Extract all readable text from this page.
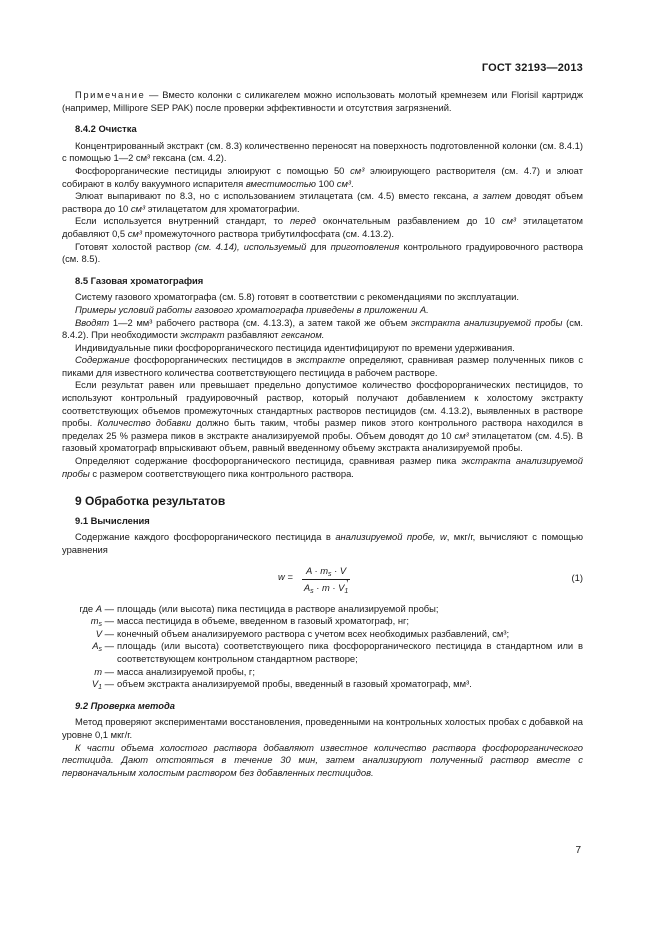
ГОСТ 32193—2013

Примечание — Вместо колонки с силикагелем можно использовать молотый кремнезем или Florisil картридж (например, Millipore SEP PAK) после проверки эффективности и отсутствия загрязнений.

8.4.2 Очистка

Концентрированный экстракт (см. 8.3) количественно переносят на поверхность подготовленной колонки (см. 8.4.1) с помощью 1—2 см³ гексана (см. 4.2).

Фосфорорганические пестициды элюируют с помощью 50 см³ элюирующего растворителя (см. 4.7) и элюат собирают в колбу вакуумного испарителя вместимостью 100 см³.

Элюат выпаривают по 8.3, но с использованием этилацетата (см. 4.5) вместо гексана, а затем доводят объем раствора до 10 см³ этилацетатом для хроматографии.

Если используется внутренний стандарт, то перед окончательным разбавлением до 10 см³ этилацетатом добавляют 0,5 см³ промежуточного раствора трибутилфосфата (см. 4.13.2).

Готовят холостой раствор (см. 4.14), используемый для приготовления контрольного градуировочного раствора (см. 8.5).

8.5 Газовая хроматография

Систему газового хроматографа (см. 5.8) готовят в соответствии с рекомендациями по эксплуатации.

Примеры условий работы газового хроматографа приведены в приложении А.

Вводят 1—2 мм³ рабочего раствора (см. 4.13.3), а затем такой же объем экстракта анализируемой пробы (см. 8.4.2). При необходимости экстракт разбавляют гексаном.

Индивидуальные пики фосфорорганического пестицида идентифицируют по времени удерживания.

Содержание фосфорорганических пестицидов в экстракте определяют, сравнивая размер полученных пиков с пиками для известного количества соответствующего пестицида в рабочем растворе.

Если результат равен или превышает предельно допустимое количество фосфорорганических пестицидов, то используют контрольный градуировочный раствор, который получают добавлением к холостому экстракту соответствующих объемов промежуточных стандартных растворов пестицидов (см. 4.13.2), выявленных в растворе пробы. Количество добавки должно быть таким, чтобы размер пиков этого контрольного раствора находился в пределах 25 % размера пиков в экстракте анализируемой пробы. Объем доводят до 10 см³ этилацетатом (см. 4.5). В газовый хроматограф впрыскивают объем, равный введенному объему экстракта анализируемой пробы.

Определяют содержание фосфорорганического пестицида, сравнивая размер пика экстракта анализируемой пробы с размером соответствующего пика контрольного раствора.

9 Обработка результатов

9.1 Вычисления

Содержание каждого фосфорорганического пестицида в анализируемой пробе, w, мкг/г, вычисляют с помощью уравнения

$w = \frac{A \cdot m_s \cdot V}{A_s \cdot m \cdot V_1}$
,	(1)
где A — площадь (или высота) пика пестицида в растворе анализируемой пробы;
$m_s$ — масса пестицида в объеме, введенном в газовый хроматограф, нг;
V — конечный объем анализируемого раствора с учетом всех необходимых разбавлений, см³;
$A_s$ — площадь (или высота) соответствующего пика фосфорорганического пестицида в стандартном или в соответствующем контрольном стандартном растворе;
m — масса анализируемой пробы, г;
$V_1$ — объем экстракта анализируемой пробы, введенный в газовый хроматограф, мм³.

9.2 Проверка метода

Метод проверяют экспериментами восстановления, проведенными на контрольных холостых пробах с добавкой на уровне 0,1 мкг/г.

К части объема холостого раствора добавляют известное количество раствора фосфорорганического пестицида. Дают отстояться в течение 30 мин, затем анализируют полученный раствор вместе с первоначальным холостым раствором без добавленных пестицидов.

7
